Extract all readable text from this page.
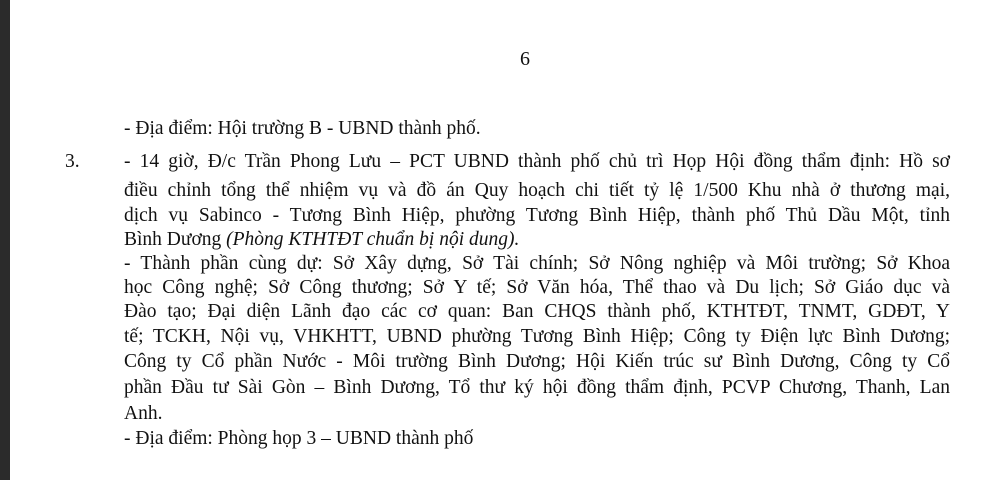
6
- Địa điểm: Hội trường B - UBND thành phố.
3. - 14 giờ, Đ/c Trần Phong Lưu – PCT UBND thành phố chủ trì Họp Hội đồng thẩm định: Hồ sơ
điều chỉnh tổng thể nhiệm vụ và đồ án Quy hoạch chi tiết tỷ lệ 1/500 Khu nhà ở thương mại,
dịch vụ Sabinco - Tương Bình Hiệp, phường Tương Bình Hiệp, thành phố Thủ Dầu Một, tỉnh
Bình Dương (Phòng KTHTĐT chuẩn bị nội dung).
- Thành phần cùng dự: Sở Xây dựng, Sở Tài chính; Sở Nông nghiệp và Môi trường; Sở Khoa
học Công nghệ; Sở Công thương; Sở Y tế; Sở Văn hóa, Thể thao và Du lịch; Sở Giáo dục và
Đào tạo; Đại diện Lãnh đạo các cơ quan: Ban CHQS thành phố, KTHTĐT, TNMT, GDĐT, Y
tế; TCKH, Nội vụ, VHKHTT, UBND phường Tương Bình Hiệp; Công ty Điện lực Bình Dương;
Công ty Cổ phần Nước - Môi trường Bình Dương; Hội Kiến trúc sư Bình Dương, Công ty Cổ
phần Đầu tư Sài Gòn – Bình Dương, Tổ thư ký hội đồng thẩm định, PCVP Chương, Thanh, Lan
Anh.
- Địa điểm: Phòng họp 3 – UBND thành phố
